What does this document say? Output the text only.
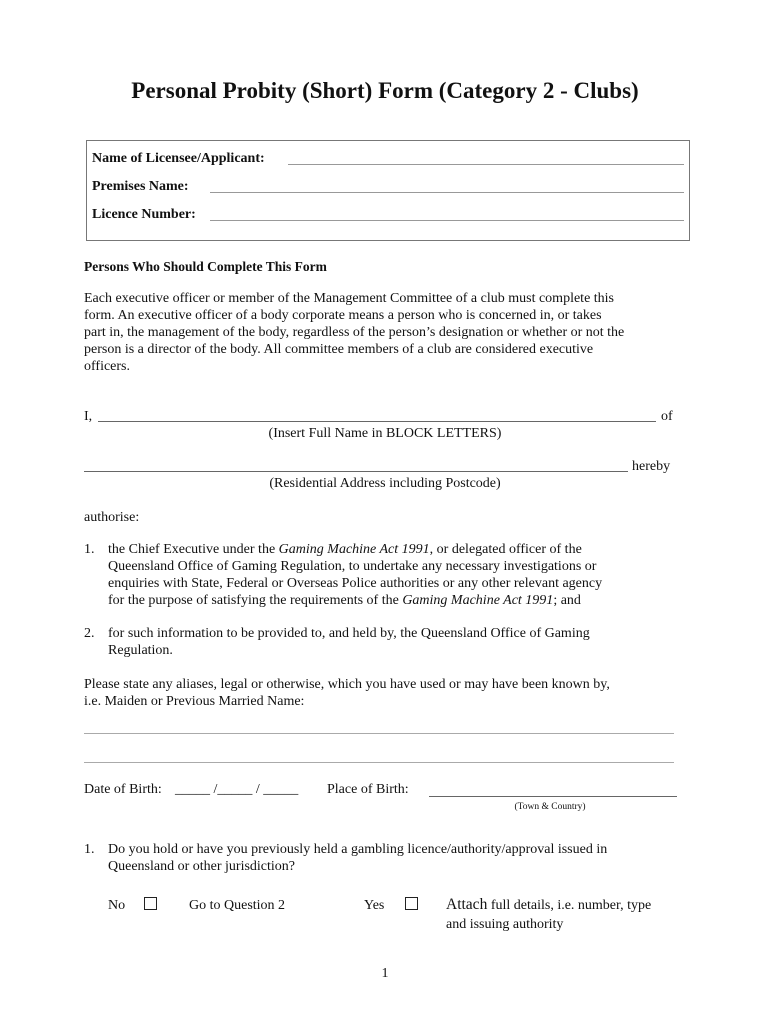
Personal Probity (Short) Form (Category 2 - Clubs)
Name of Licensee/Applicant:
Premises Name:
Licence Number:
Persons Who Should Complete This Form
Each executive officer or member of the Management Committee of a club must complete this
form. An executive officer of a body corporate means a person who is concerned in, or takes
part in, the management of the body, regardless of the person’s designation or whether or not the
person is a director of the body. All committee members of a club are considered executive
officers.
I,	of
(Insert Full Name in BLOCK LETTERS)
hereby
(Residential Address including Postcode)
authorise:
1. the Chief Executive under the Gaming Machine Act 1991, or delegated officer of the
Queensland Office of Gaming Regulation, to undertake any necessary investigations or
enquiries with State, Federal or Overseas Police authorities or any other relevant agency
for the purpose of satisfying the requirements of the Gaming Machine Act 1991; and
2. for such information to be provided to, and held by, the Queensland Office of Gaming
Regulation.
Please state any aliases, legal or otherwise, which you have used or may have been known by,
i.e. Maiden or Previous Married Name:
Date of Birth: _____ /_____ / _____ Place of Birth:
(Town & Country)
1. Do you hold or have you previously held a gambling licence/authority/approval issued in
Queensland or other jurisdiction?
No	Go to Question 2	Yes	Attach full details, i.e. number, type
and issuing authority
1
